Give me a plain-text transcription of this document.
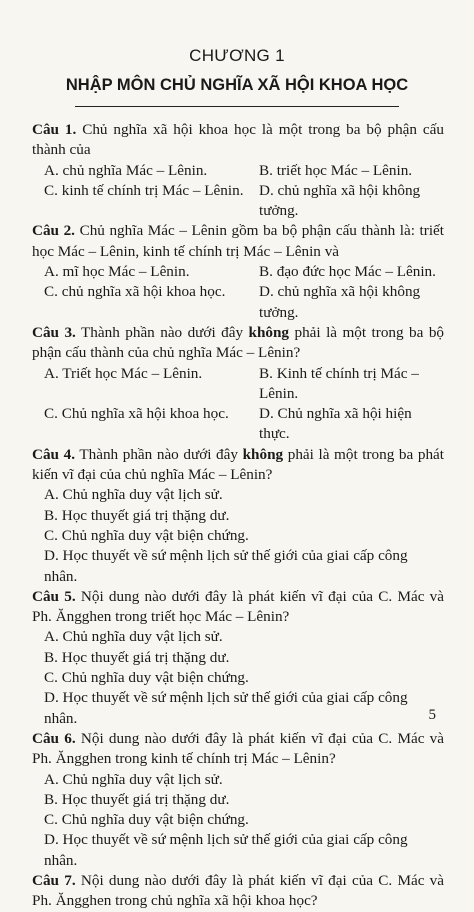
CHƯƠNG 1
NHẬP MÔN CHỦ NGHĨA XÃ HỘI KHOA HỌC
Câu 1. Chủ nghĩa xã hội khoa học là một trong ba bộ phận cấu thành của
A. chủ nghĩa Mác – Lênin.	B. triết học Mác – Lênin.
C. kinh tế chính trị Mác – Lênin.	D. chủ nghĩa xã hội không tưởng.
Câu 2. Chủ nghĩa Mác – Lênin gồm ba bộ phận cấu thành là: triết học Mác – Lênin, kinh tế chính trị Mác – Lênin và
A. mĩ học Mác – Lênin.	B. đạo đức học Mác – Lênin.
C. chủ nghĩa xã hội khoa học.	D. chủ nghĩa xã hội không tưởng.
Câu 3. Thành phần nào dưới đây không phải là một trong ba bộ phận cấu thành của chủ nghĩa Mác – Lênin?
A. Triết học Mác – Lênin.	B. Kinh tế chính trị Mác – Lênin.
C. Chủ nghĩa xã hội khoa học.	D. Chủ nghĩa xã hội hiện thực.
Câu 4. Thành phần nào dưới đây không phải là một trong ba phát kiến vĩ đại của chủ nghĩa Mác – Lênin?
A. Chủ nghĩa duy vật lịch sử.
B. Học thuyết giá trị thặng dư.
C. Chủ nghĩa duy vật biện chứng.
D. Học thuyết về sứ mệnh lịch sử thế giới của giai cấp công nhân.
Câu 5. Nội dung nào dưới đây là phát kiến vĩ đại của C. Mác và Ph. Ăngghen trong triết học Mác – Lênin?
A. Chủ nghĩa duy vật lịch sử.
B. Học thuyết giá trị thặng dư.
C. Chủ nghĩa duy vật biện chứng.
D. Học thuyết về sứ mệnh lịch sử thế giới của giai cấp công nhân.
Câu 6. Nội dung nào dưới đây là phát kiến vĩ đại của C. Mác và Ph. Ăngghen trong kinh tế chính trị Mác – Lênin?
A. Chủ nghĩa duy vật lịch sử.
B. Học thuyết giá trị thặng dư.
C. Chủ nghĩa duy vật biện chứng.
D. Học thuyết về sứ mệnh lịch sử thế giới của giai cấp công nhân.
Câu 7. Nội dung nào dưới đây là phát kiến vĩ đại của C. Mác và Ph. Ăngghen trong chủ nghĩa xã hội khoa học?
5
